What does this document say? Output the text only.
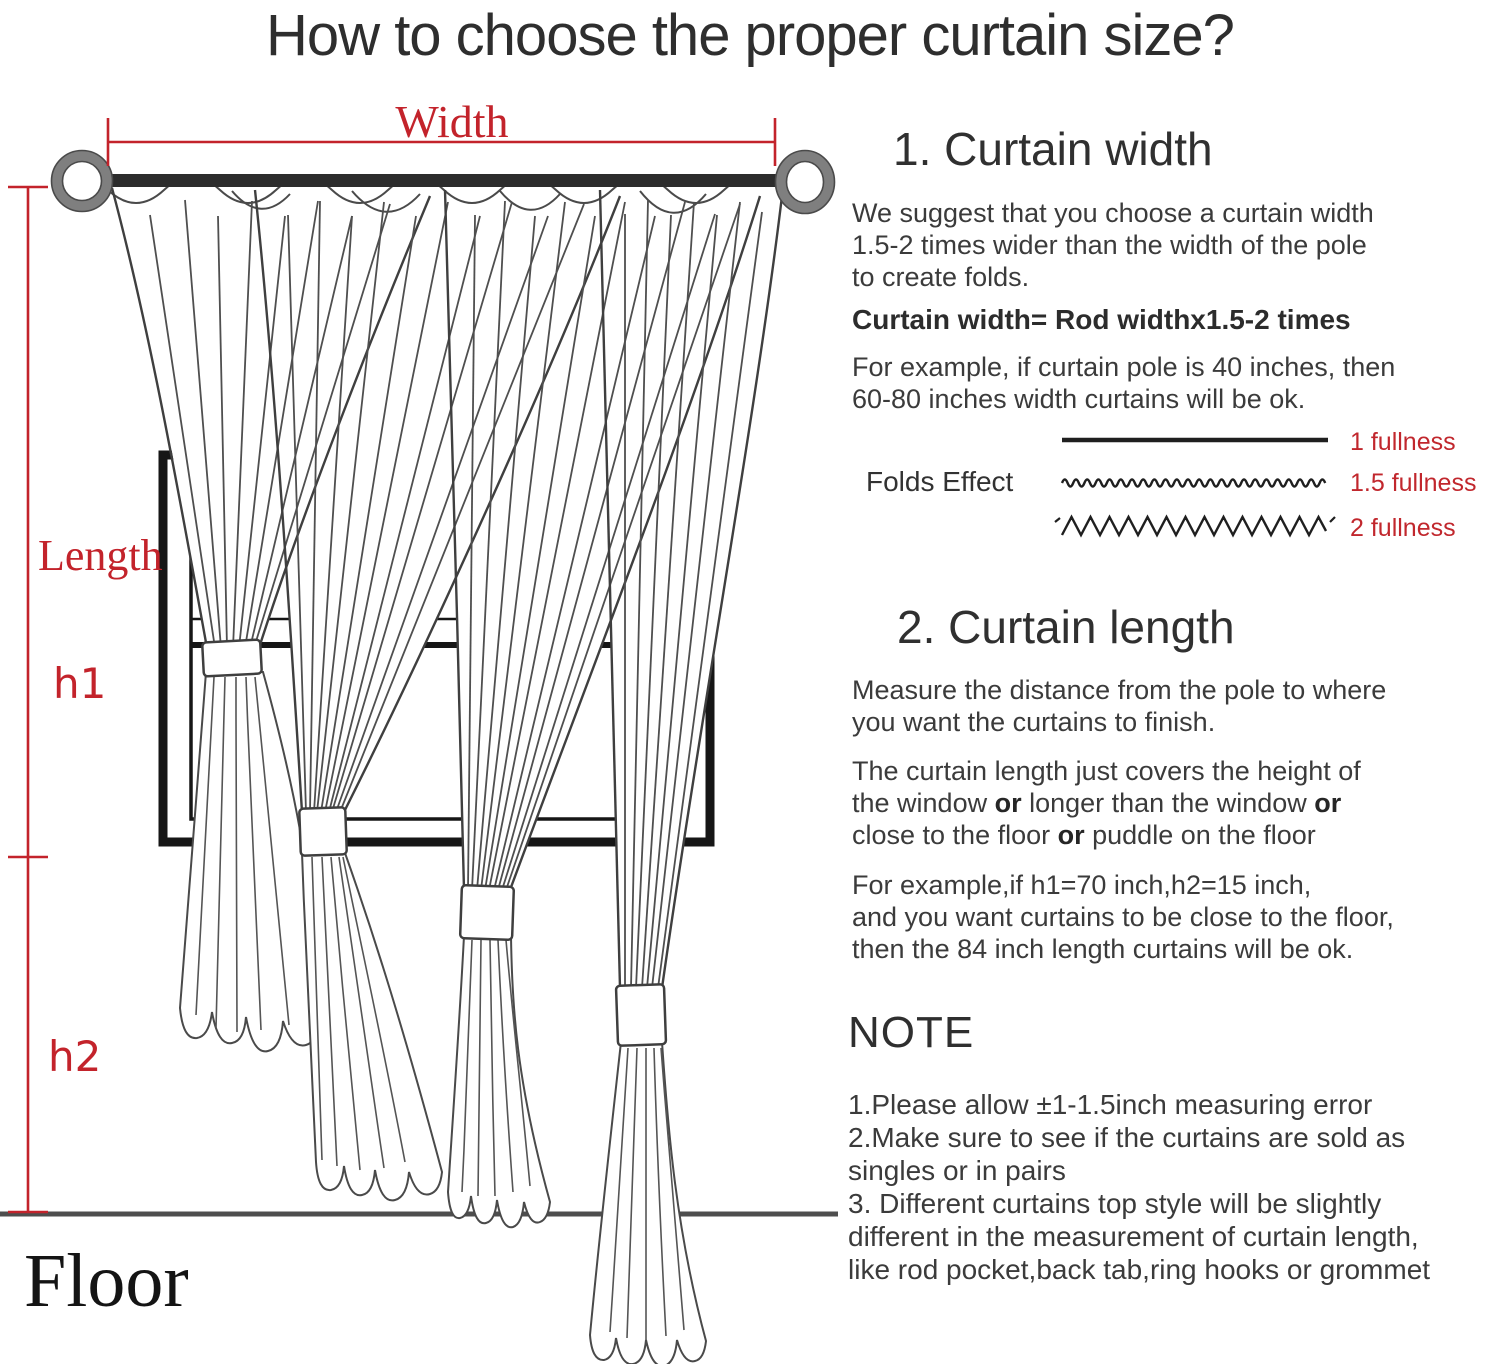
Width
Length
h1
h2
Floor
How to choose the proper curtain size?
1. Curtain width
We suggest that you choose a curtain width
1.5-2 times wider than the width of the pole
to create folds.
Curtain width= Rod widthx1.5-2 times
For example, if curtain pole is 40 inches, then
60-80 inches width curtains will be ok.
Folds Effect
1 fullness
1.5 fullness
2 fullness
2. Curtain length
Measure the distance from the pole to where
you want the curtains to finish.
The curtain length just covers the height of
the window or longer than the window or
close to the floor or puddle on the floor
For example,if h1=70 inch,h2=15 inch,
and you want curtains to be close to the floor,
then the 84 inch length curtains will be ok.
NOTE
1.Please allow ±1-1.5inch measuring error
2.Make sure to see if the curtains are sold as
singles or in pairs
3. Different curtains top style will be slightly
different in the measurement of curtain length,
like rod pocket,back tab,ring hooks or grommet
